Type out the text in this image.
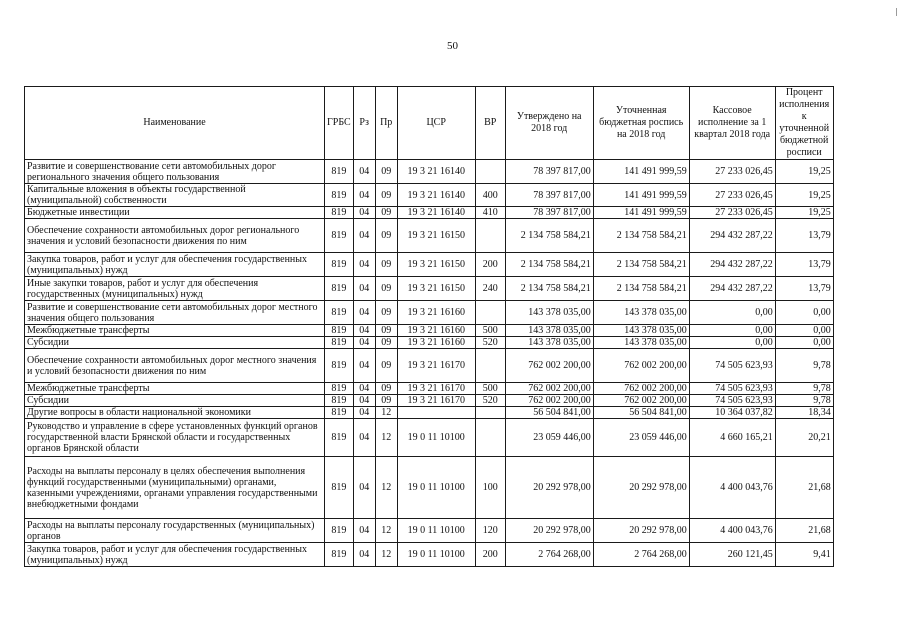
50
Наименование	ГРБС	Рз	Пр	ЦСР	ВР	Утверждено на 2018 год	Уточненная бюджетная роспись на 2018 год	Кассовое исполнение за 1 квартал 2018 года	Процент исполнения к уточненной бюджетной росписи
Развитие и совершенствование сети автомобильных дорог регионального значения общего пользования	819	04	09	19 3 21 16140		78 397 817,00	141 491 999,59	27 233 026,45	19,25
Капитальные вложения в объекты государственной (муниципальной) собственности	819	04	09	19 3 21 16140	400	78 397 817,00	141 491 999,59	27 233 026,45	19,25
Бюджетные инвестиции	819	04	09	19 3 21 16140	410	78 397 817,00	141 491 999,59	27 233 026,45	19,25
Обеспечение сохранности автомобильных дорог регионального значения и условий безопасности движения по ним	819	04	09	19 3 21 16150		2 134 758 584,21	2 134 758 584,21	294 432 287,22	13,79
Закупка товаров, работ и услуг для обеспечения государственных (муниципальных) нужд	819	04	09	19 3 21 16150	200	2 134 758 584,21	2 134 758 584,21	294 432 287,22	13,79
Иные закупки товаров, работ и услуг для обеспечения государственных (муниципальных) нужд	819	04	09	19 3 21 16150	240	2 134 758 584,21	2 134 758 584,21	294 432 287,22	13,79
Развитие и совершенствование сети автомобильных дорог местного значения общего пользования	819	04	09	19 3 21 16160		143 378 035,00	143 378 035,00	0,00	0,00
Межбюджетные трансферты	819	04	09	19 3 21 16160	500	143 378 035,00	143 378 035,00	0,00	0,00
Субсидии	819	04	09	19 3 21 16160	520	143 378 035,00	143 378 035,00	0,00	0,00
Обеспечение сохранности автомобильных дорог местного значения и условий безопасности движения по ним	819	04	09	19 3 21 16170		762 002 200,00	762 002 200,00	74 505 623,93	9,78
Межбюджетные трансферты	819	04	09	19 3 21 16170	500	762 002 200,00	762 002 200,00	74 505 623,93	9,78
Субсидии	819	04	09	19 3 21 16170	520	762 002 200,00	762 002 200,00	74 505 623,93	9,78
Другие вопросы в области национальной экономики	819	04	12			56 504 841,00	56 504 841,00	10 364 037,82	18,34
Руководство и управление в сфере установленных функций органов государственной власти Брянской области и государственных органов Брянской области	819	04	12	19 0 11 10100		23 059 446,00	23 059 446,00	4 660 165,21	20,21
Расходы на выплаты персоналу в целях обеспечения выполнения функций государственными (муниципальными) органами, казенными учреждениями, органами управления государственными внебюджетными фондами	819	04	12	19 0 11 10100	100	20 292 978,00	20 292 978,00	4 400 043,76	21,68
Расходы на выплаты персоналу государственных (муниципальных) органов	819	04	12	19 0 11 10100	120	20 292 978,00	20 292 978,00	4 400 043,76	21,68
Закупка товаров, работ и услуг для обеспечения государственных (муниципальных) нужд	819	04	12	19 0 11 10100	200	2 764 268,00	2 764 268,00	260 121,45	9,41
